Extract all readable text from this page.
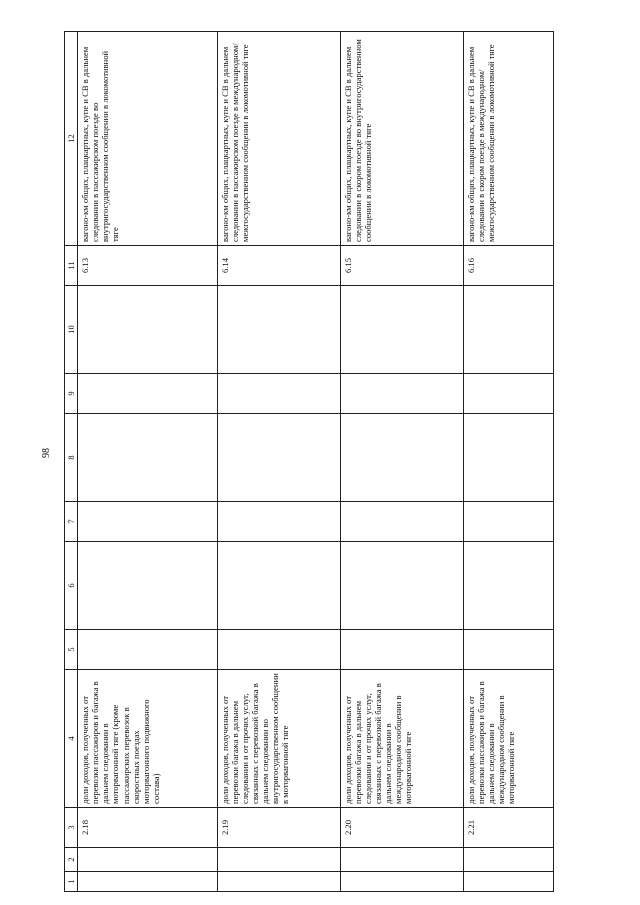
98
1	2	3	4	5	6	7	8	9	10	11	12
		2.18	доли доходов, полученных от перевозки пассажиров и багажа в дальнем следовании в моторвагонной тяге (кроме пассажирских перевозок в скоростных поездах моторвагонного подвижного состава)							6.13	вагоно-км общих, плацкартных, купе и СВ в дальнем следовании в пассажирском поезде во внутригосударственном сообщении в локомотивной тяге
		2.19	доли доходов, полученных от перевозки багажа в дальнем следовании и от прочих услуг, связанных с перевозкой багажа в дальнем следовании во внутригосударственном сообщении в моторвагонной тяге							6.14	вагоно-км общих, плацкартных, купе и СВ в дальнем следовании в пассажирском поезде в международном/межгосударственном сообщении в локомотивной тяге
		2.20	доли доходов, полученных от перевозки багажа в дальнем следовании и от прочих услуг, связанных с перевозкой багажа в дальнем следовании в международном сообщении в моторвагонной тяге							6.15	вагоно-км общих, плацкартных, купе и СВ в дальнем следовании в скором поезде во внутригосударственном сообщении в локомотивной тяге
		2.21	доли доходов, полученных от перевозки пассажиров и багажа в дальнем следовании в международном сообщении в моторвагонной тяге							6.16	вагоно-км общих, плацкартных, купе и СВ в дальнем следовании в скором поезде в международном/межгосударственном сообщении в локомотивной тяге
